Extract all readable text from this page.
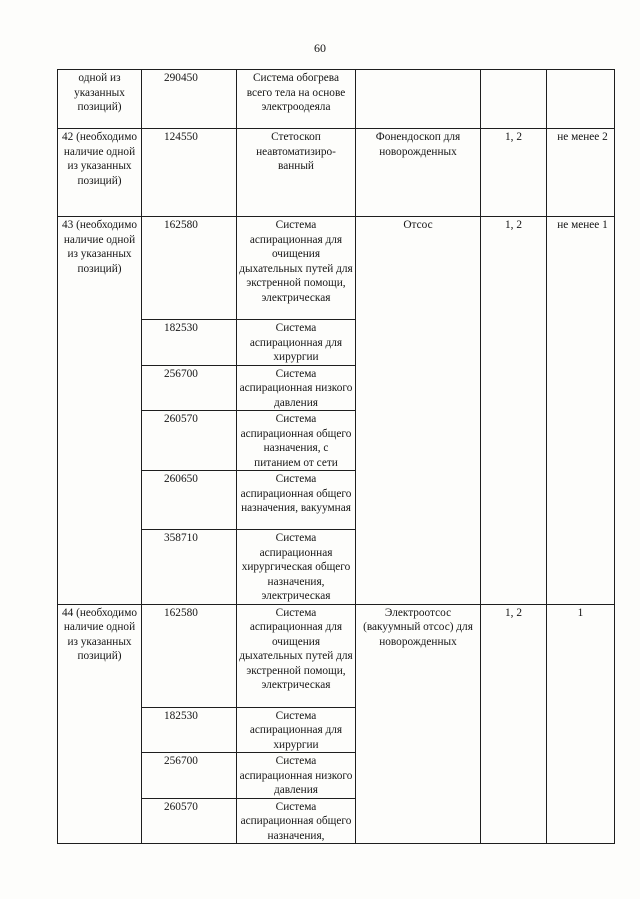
60
одной из указанных позиций)	290450	Система обогрева всего тела на основе электроодеяла			
42 (необходимо наличие одной из указанных позиций)	124550	Стетоскоп неавтоматизиро-ванный	Фонендоскоп для новорожденных	1, 2	не менее 2
43 (необходимо наличие одной из указанных позиций)	162580	Система аспирационная для очищения дыхательных путей для экстренной помощи, электрическая	Отсос	1, 2	не менее 1
	182530	Система аспирационная для хирургии			
	256700	Система аспирационная низкого давления			
	260570	Система аспирационная общего назначения, с питанием от сети			
	260650	Система аспирационная общего назначения, вакуумная			
	358710	Система аспирационная хирургическая общего назначения, электрическая			
44 (необходимо наличие одной из указанных позиций)	162580	Система аспирационная для очищения дыхательных путей для экстренной помощи, электрическая	Электроотсос (вакуумный отсос) для новорожденных	1, 2	1
	182530	Система аспирационная для хирургии			
	256700	Система аспирационная низкого давления			
	260570	Система аспирационная общего назначения,			
